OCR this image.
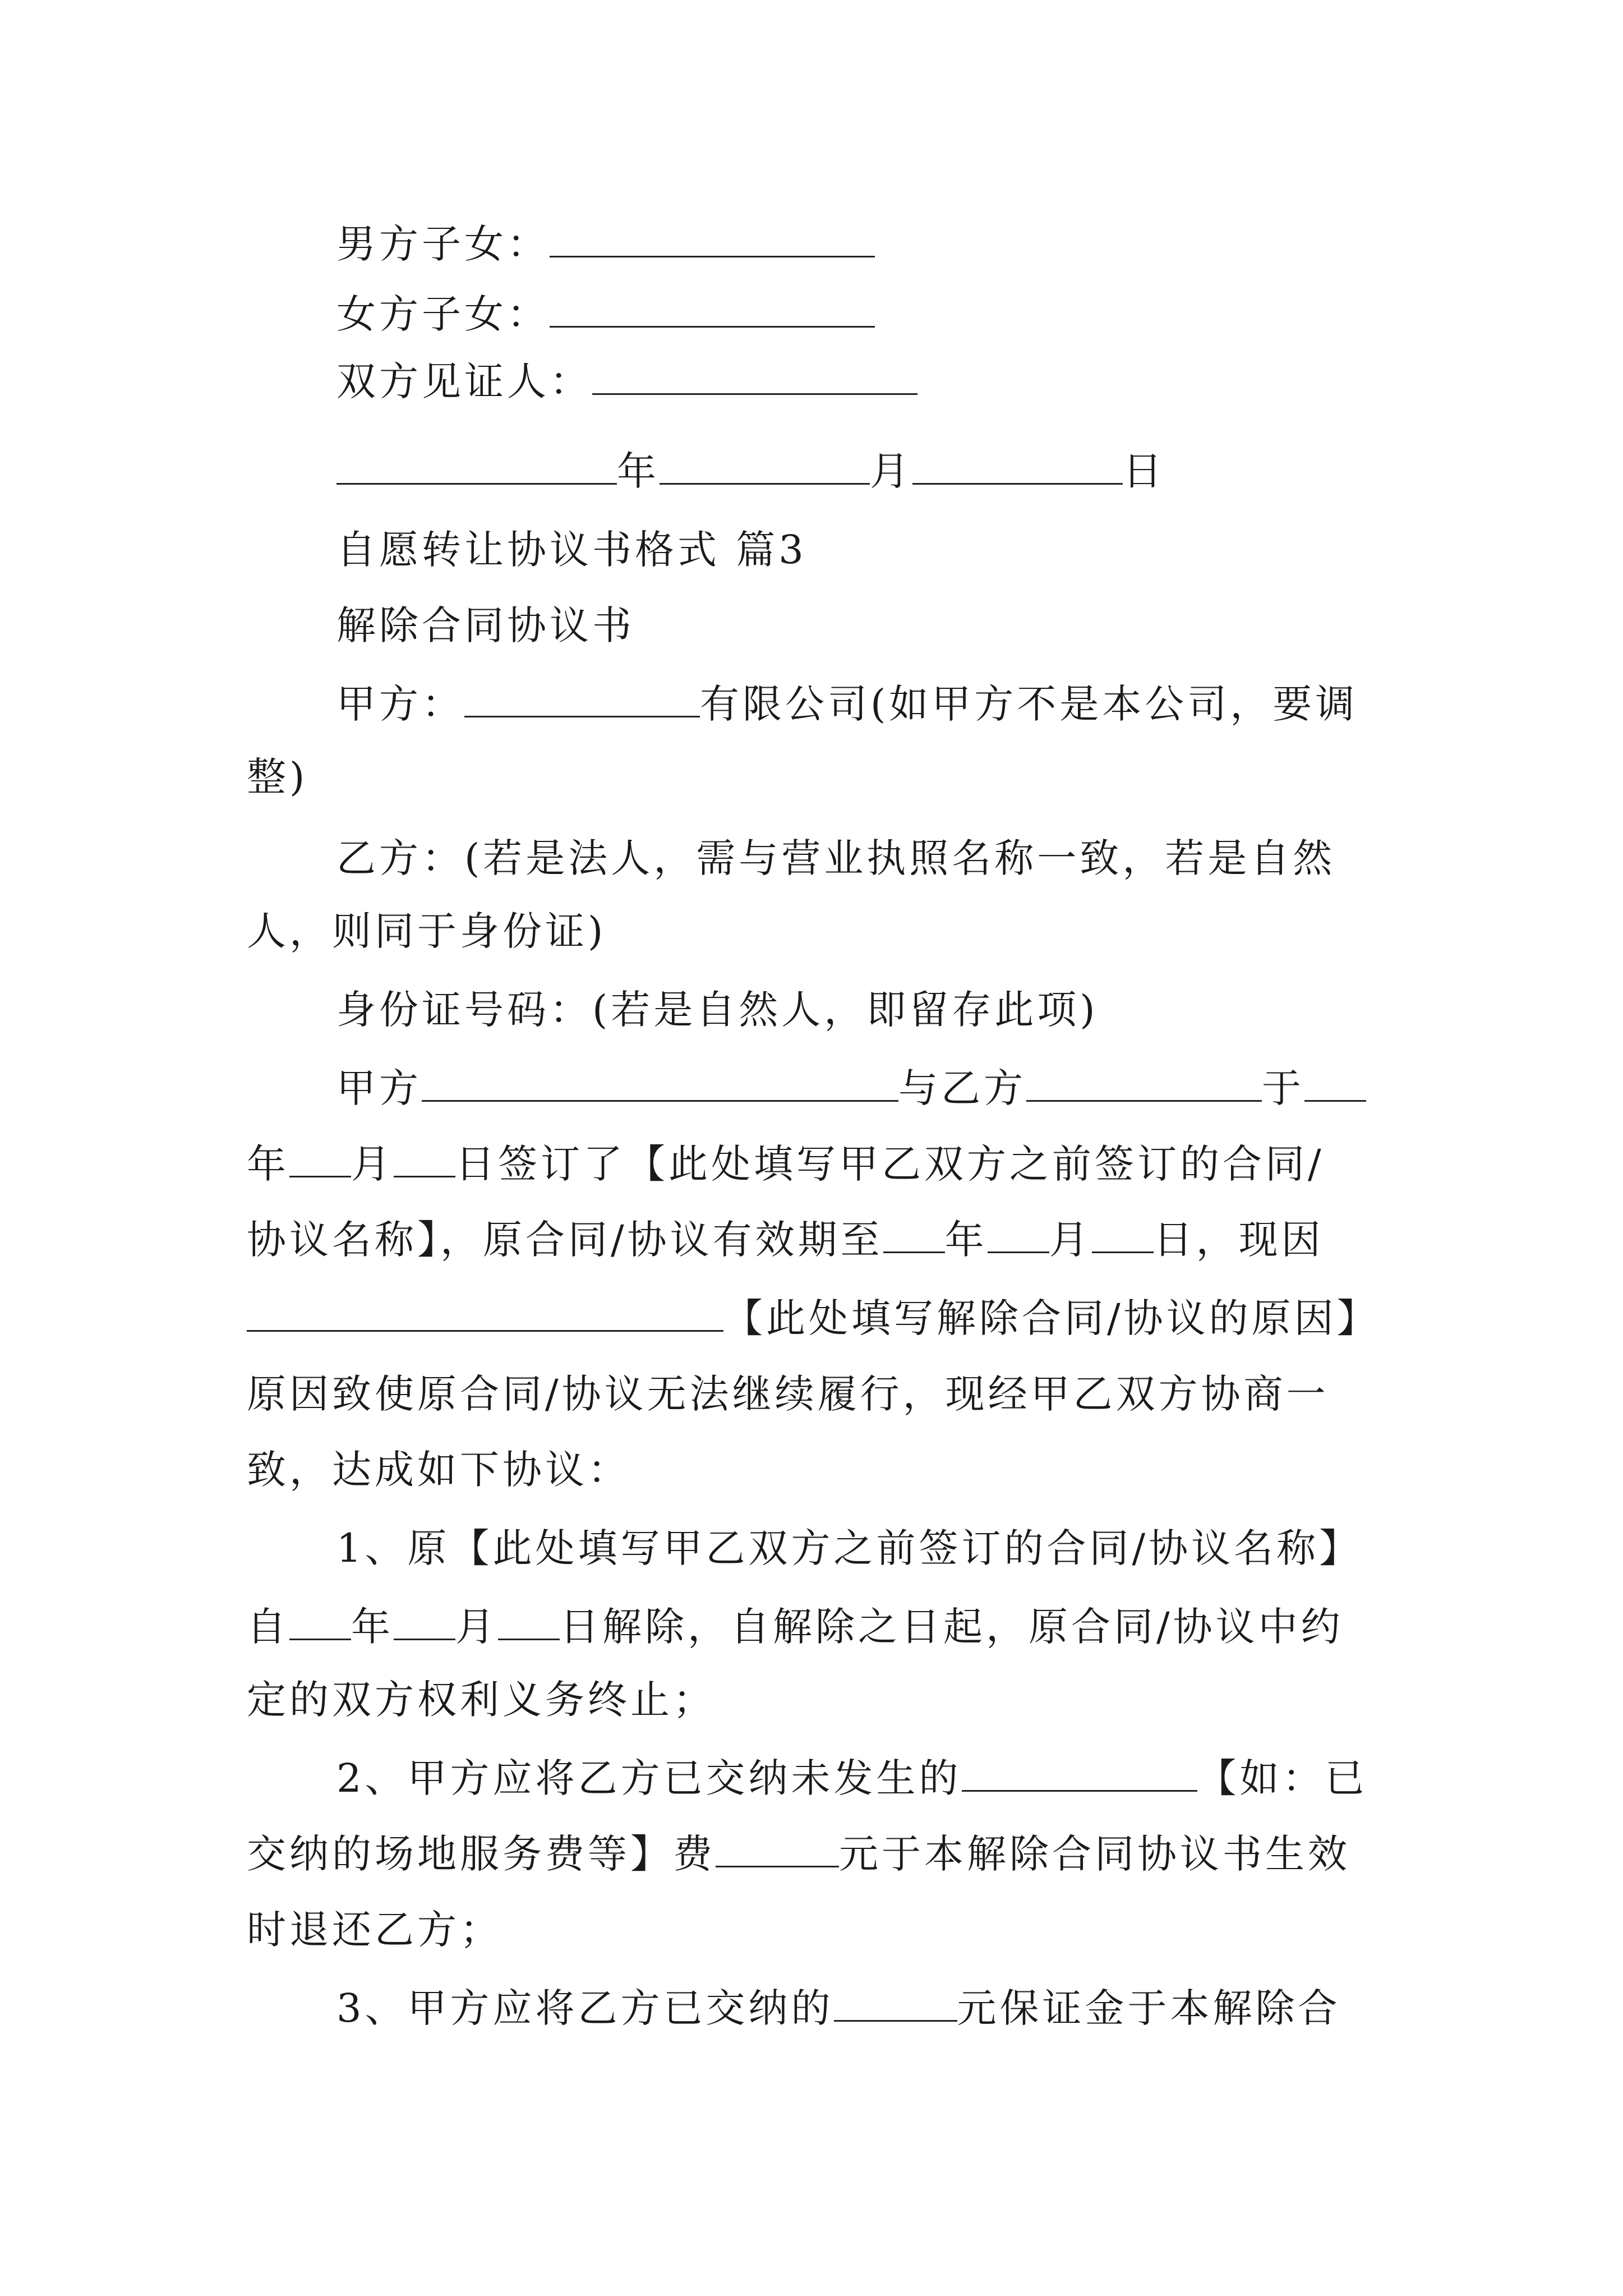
男方子女：
女方子女：
双方见证人：
年	月	日
自愿转让协议书格式 篇3
解除合同协议书
甲方：	有限公司(如甲方不是本公司，要调
整)
乙方：(若是法人，需与营业执照名称一致，若是自然
人，则同于身份证)
身份证号码：(若是自然人，即留存此项)
甲方	与乙方	于
年 月 日签订了【此处填写甲乙双方之前签订的合同/
协议名称】，原合同/协议有效期至 年 月 日，现因
【此处填写解除合同/协议的原因】
原因致使原合同/协议无法继续履行，现经甲乙双方协商一
致，达成如下协议：
1、原【此处填写甲乙双方之前签订的合同/协议名称】
自 年 月 日解除，自解除之日起，原合同/协议中约
定的双方权利义务终止；
2、甲方应将乙方已交纳未发生的	【如：已
交纳的场地服务费等】费	元于本解除合同协议书生效
时退还乙方；
3、甲方应将乙方已交纳的	元保证金于本解除合
